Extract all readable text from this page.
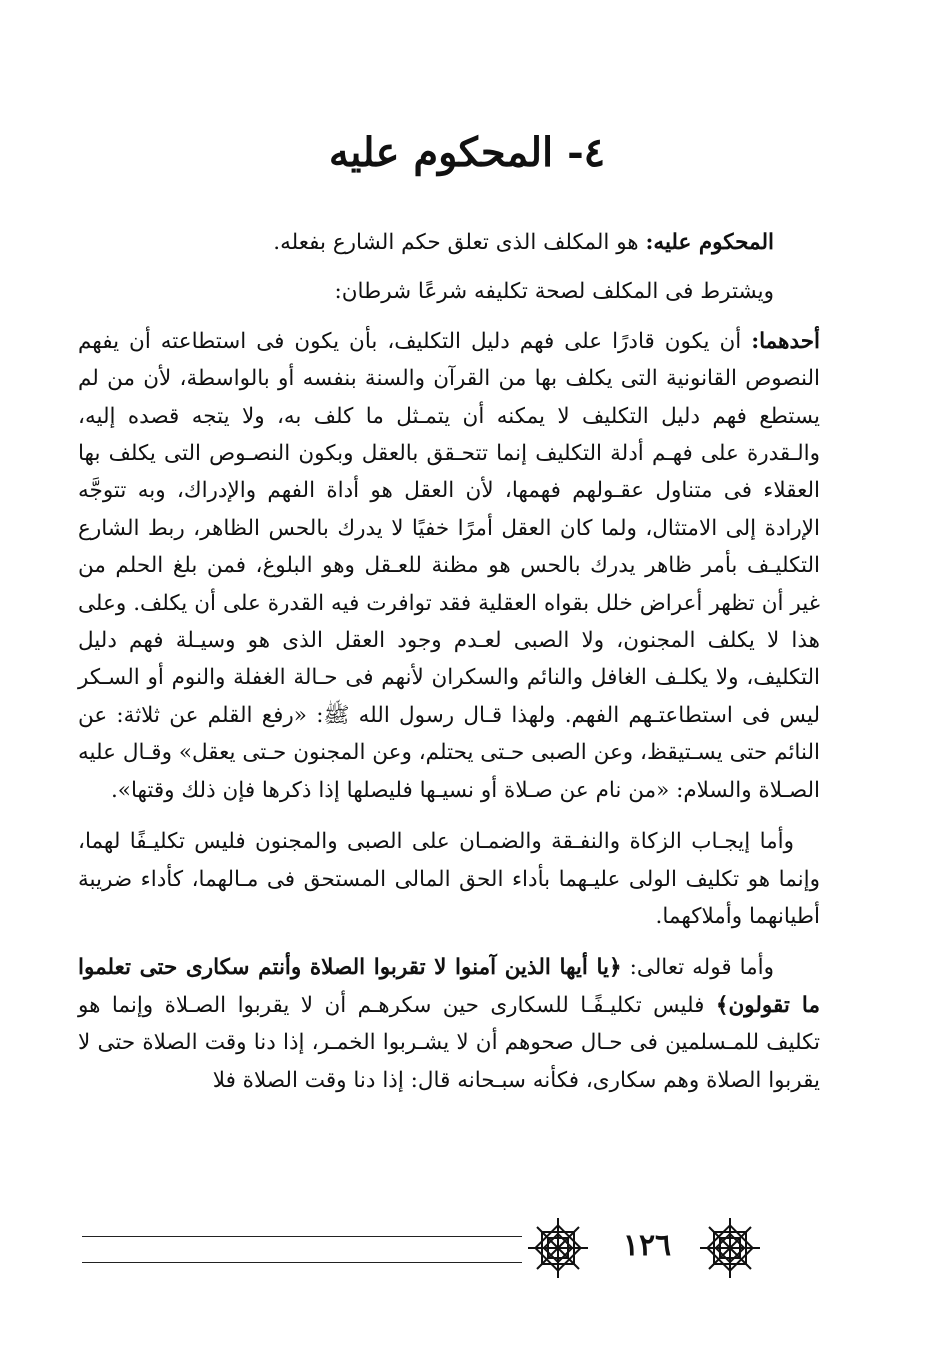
٤- المحكوم عليه

المحكوم عليه: هو المكلف الذى تعلق حكم الشارع بفعله.

ويشترط فى المكلف لصحة تكليفه شرعًا شرطان:

أحدهما: أن يكون قادرًا على فهم دليل التكليف، بأن يكون فى استطاعته أن يفهم النصوص القانونية التى يكلف بها من القرآن والسنة بنفسه أو بالواسطة، لأن من لم يستطع فهم دليل التكليف لا يمكنه أن يتمـثل ما كلف به، ولا يتجه قصده إليه، والـقدرة على فهـم أدلة التكليف إنما تتحـقق بالعقل وبكون النصـوص التى يكلف بها العقلاء فى متناول عقـولهم فهمها، لأن العقل هو أداة الفهم والإدراك، وبه تتوجَّه الإرادة إلى الامتثال، ولما كان العقل أمرًا خفيًا لا يدرك بالحس الظاهر، ربط الشارع التكليـف بأمر ظاهر يدرك بالحس هو مظنة للعـقل وهو البلوغ، فمن بلغ الحلم من غير أن تظهر أعراض خلل بقواه العقلية فقد توافرت فيه القدرة على أن يكلف. وعلى هذا لا يكلف المجنون، ولا الصبى لعـدم وجود العقل الذى هو وسيـلة فهم دليل التكليف، ولا يكلـف الغافل والنائم والسكران لأنهم فى حـالة الغفلة والنوم أو السـكر ليس فى استطاعتـهم الفهم. ولهذا قـال رسول الله ﷺ: «رفع القلم عن ثلاثة: عن النائم حتى يسـتيقظ، وعن الصبى حـتى يحتلم، وعن المجنون حـتى يعقل» وقـال عليه الصـلاة والسلام: «من نام عن صـلاة أو نسيـها فليصلها إذا ذكرها فإن ذلك وقتها».

وأما إيجـاب الزكاة والنفـقة والضمـان على الصبى والمجنون فليس تكليـفًا لهما، وإنما هو تكليف الولى عليـهما بأداء الحق المالى المستحق فى مـالهما، كأداء ضريبة أطيانهما وأملاكهما.

وأما قوله تعالى: ﴿يا أيها الذين آمنوا لا تقربوا الصلاة وأنتم سكارى حتى تعلموا ما تقولون﴾ فليس تكليـفًـا للسكارى حين سكرهـم أن لا يقربوا الصـلاة وإنما هو تكليف للمـسلمين فى حـال صحوهم أن لا يشـربوا الخمـر، إذا دنا وقت الصلاة حتى لا يقربوا الصلاة وهم سكارى، فكأنه سبـحانه قال: إذا دنا وقت الصلاة فلا

١٢٦
